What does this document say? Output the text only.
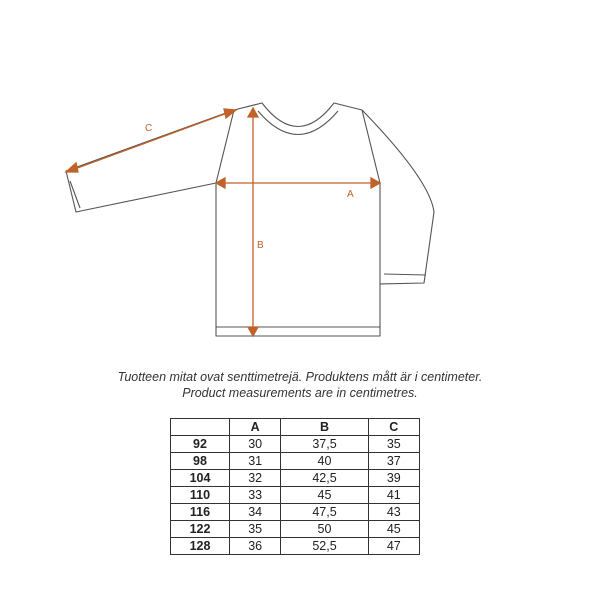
C
A
B
Tuotteen mitat ovat senttimetrejä. Produktens mått är i centimeter.
Product measurements are in centimetres.
	A	B	C
92	30	37,5	35
98	31	40	37
104	32	42,5	39
110	33	45	41
116	34	47,5	43
122	35	50	45
128	36	52,5	47
